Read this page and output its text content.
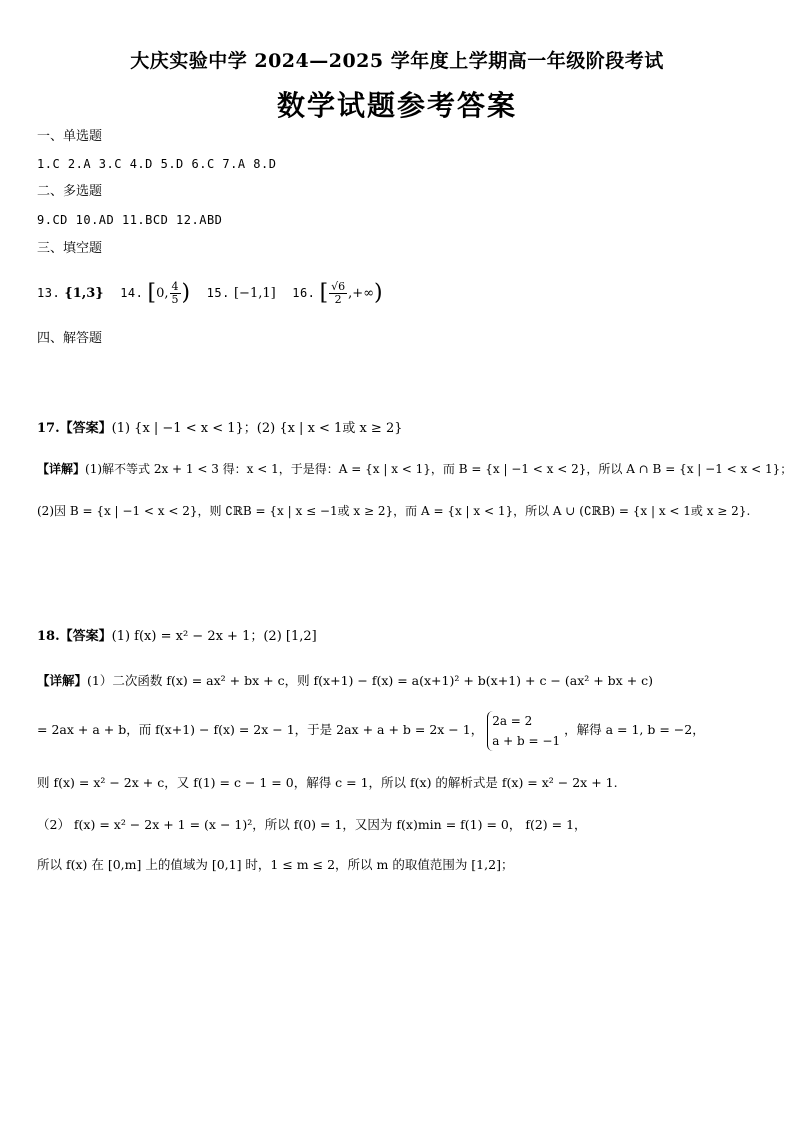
大庆实验中学 2024—2025 学年度上学期高一年级阶段考试
数学试题参考答案
一、单选题
1.C 2.A 3.C 4.D 5.D 6.C 7.A 8.D
二、多选题
9.CD 10.AD 11.BCD 12.ABD
三、填空题
13. {1,3} 14. [0, $\frac{4}{5}$ ) 15. [−1,1] 16. [ $\frac{√6}{2}$ ,+∞)
四、解答题
17.【答案】(1) {x | −1 < x < 1}；(2) {x | x < 1或 x ≥ 2}
【详解】(1)解不等式 2x + 1 < 3 得：x < 1，于是得：A = {x | x < 1}，而 B = {x | −1 < x < 2}，所以 A ∩ B = {x | −1 < x < 1}；
(2)因 B = {x | −1 < x < 2}，则 ∁ℝB = {x | x ≤ −1或 x ≥ 2}，而 A = {x | x < 1}，所以 A ∪ (∁ℝB) = {x | x < 1或 x ≥ 2}.
18.【答案】(1) f(x) = x² − 2x + 1；(2) [1,2]
【详解】(1）二次函数 f(x) = ax² + bx + c，则 f(x+1) − f(x) = a(x+1)² + b(x+1) + c − (ax² + bx + c)
= 2ax + a + b，而 f(x+1) − f(x) = 2x − 1，于是 2ax + a + b = 2x − 1，
2a = 2
a + b = −1
，解得 a = 1, b = −2，
则 f(x) = x² − 2x + c，又 f(1) = c − 1 = 0，解得 c = 1，所以 f(x) 的解析式是 f(x) = x² − 2x + 1.
（2） f(x) = x² − 2x + 1 = (x − 1)²，所以 f(0) = 1，又因为 f(x)min = f(1) = 0， f(2) = 1，
所以 f(x) 在 [0,m] 上的值域为 [0,1] 时，1 ≤ m ≤ 2，所以 m 的取值范围为 [1,2]；
